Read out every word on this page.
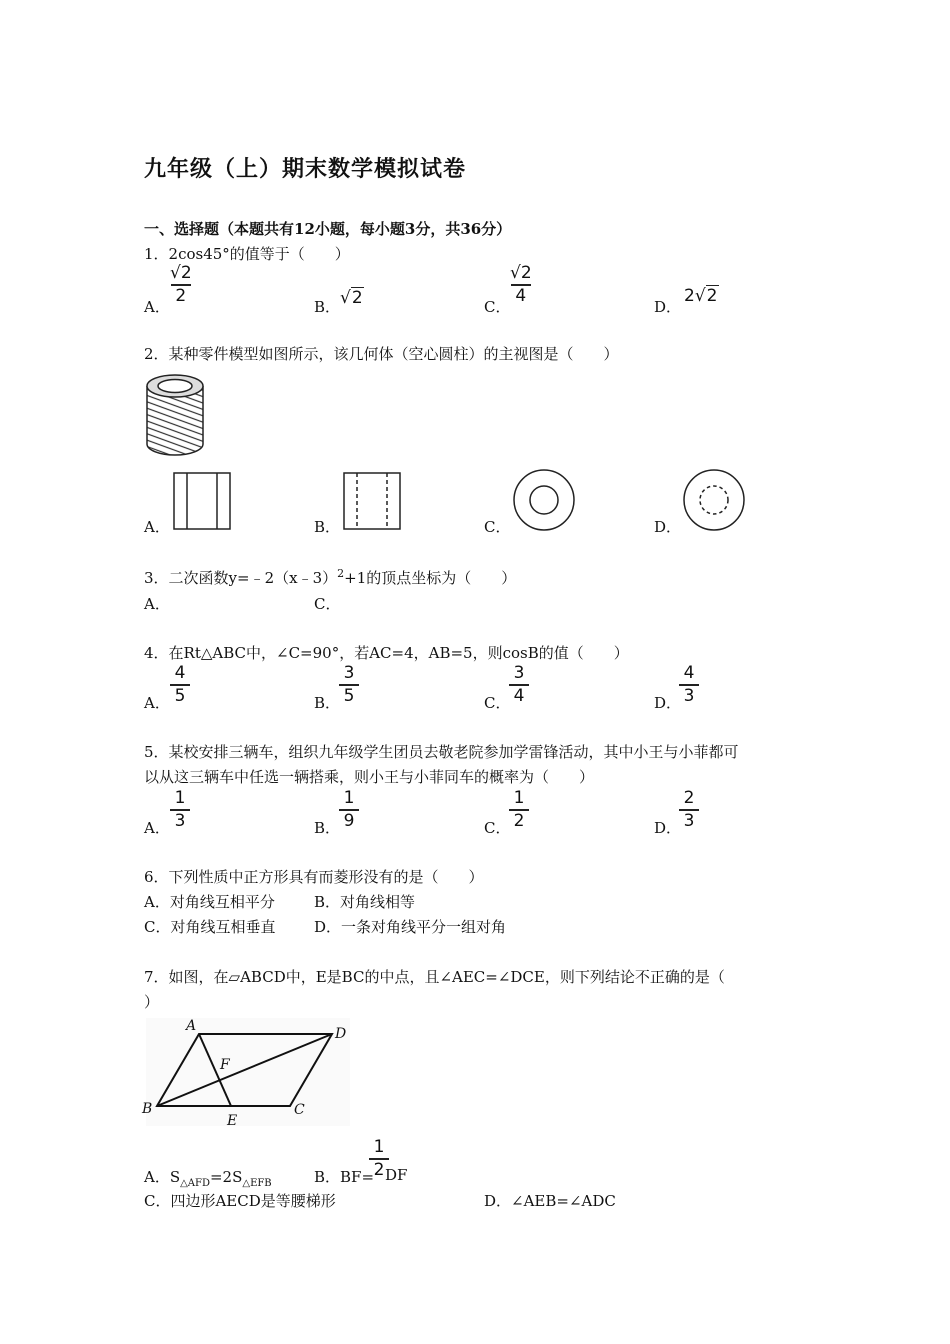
九年级（上）期末数学模拟试卷
一、选择题（本题共有12小题，每小题3分，共36分）
1．2cos45°的值等于（　　）
A．
√2
2
B． √2	C．
√2
4
D．
2√2
2．某种零件模型如图所示，该几何体（空心圆柱）的主视图是（　　）
A．	B．	C．	D．
3．二次函数y=﹣2（x﹣3）$^2$+1的顶点坐标为（　　）
A．	C．
4．在Rt△ABC中，∠C=90°，若AC=4，AB=5，则cosB的值（　　）
A．
4
5	B．
3
5	C．
3
4	D．
4
3
5．某校安排三辆车，组织九年级学生团员去敬老院参加学雷锋活动，其中小王与小菲都可
以从这三辆车中任选一辆搭乘，则小王与小菲同车的概率为（　　）
A．
1
3	B．
1
9	C．
1
2	D．
2
3
6．下列性质中正方形具有而菱形没有的是（　　）
A．对角线互相平分	B．对角线相等
C．对角线互相垂直	D．一条对角线平分一组对角
7．如图，在▱ABCD中，E是BC的中点，且∠AEC=∠DCE，则下列结论不正确的是（
）
A	D
F
B	C
E
A．$S_{\triangle AFD}=2S_{\triangle EFB}$	B．BF=
1
2 DF
C．四边形AECD是等腰梯形	D．∠AEB=∠ADC
